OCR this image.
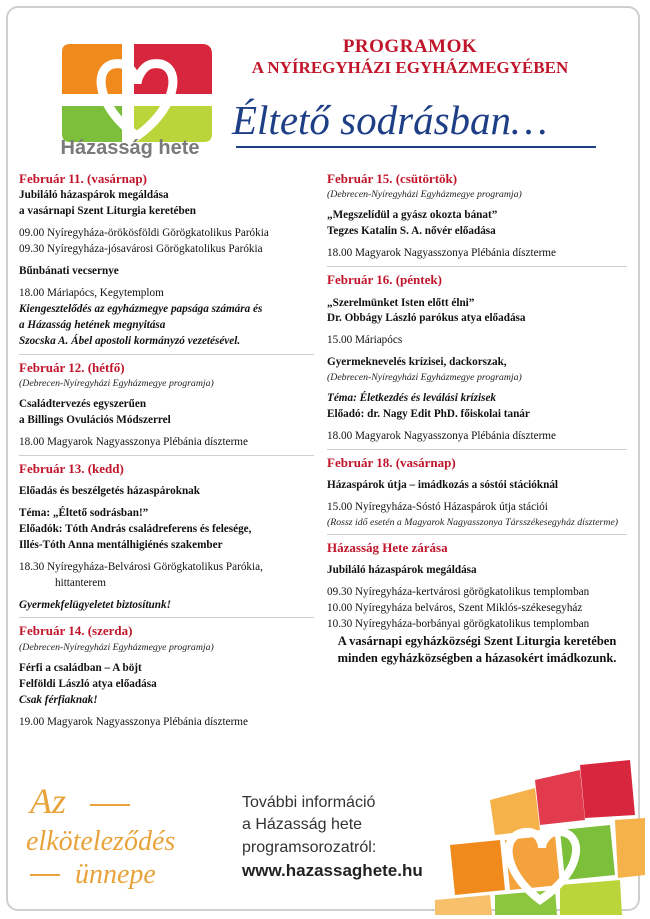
Házasság hete
PROGRAMOK
A NYÍREGYHÁZI EGYHÁZMEGYÉBEN
Éltető sodrásban…

Február 11. (vasárnap)

Jubiláló házaspárok megáldása

a vasárnapi Szent Liturgia keretében

09.00 Nyíregyháza-örökösföldi Görögkatolikus Parókia

09.30 Nyíregyháza-jósavárosi Görögkatolikus Parókia

Bűnbánati vecsernye

18.00 Máriapócs, Kegytemplom

Kiengesztelődés az egyházmegye papsága számára és

a Házasság hetének megnyitása

Szocska A. Ábel apostoli kormányzó vezetésével.

Február 12. (hétfő)

(Debrecen-Nyíregyházi Egyházmegye programja)

Családtervezés egyszerűen

a Billings Ovulációs Módszerrel

18.00 Magyarok Nagyasszonya Plébánia díszterme

Február 13. (kedd)

Előadás és beszélgetés házaspároknak

Téma: „Éltető sodrásban!”

Előadók: Tóth András családreferens és felesége,

Illés-Tóth Anna mentálhigiénés szakember

18.30 Nyíregyháza-Belvárosi Görögkatolikus Parókia,

hittanterem

Gyermekfelügyeletet biztosítunk!

Február 14. (szerda)

(Debrecen-Nyíregyházi Egyházmegye programja)

Férfi a családban – A böjt

Felföldi László atya előadása

Csak férfiaknak!

19.00 Magyarok Nagyasszonya Plébánia díszterme

Február 15. (csütörtök)

(Debrecen-Nyíregyházi Egyházmegye programja)

„Megszelídül a gyász okozta bánat”

Tegzes Katalin S. A. nővér előadása

18.00 Magyarok Nagyasszonya Plébánia díszterme

Február 16. (péntek)

„Szerelmünket Isten előtt élni”

Dr. Obbágy László parókus atya előadása

15.00 Máriapócs

Gyermeknevelés krízisei, dackorszak,

(Debrecen-Nyíregyházi Egyházmegye programja)

Téma: Életkezdés és leválási krízisek

Előadó: dr. Nagy Edit PhD. főiskolai tanár

18.00 Magyarok Nagyasszonya Plébánia díszterme

Február 18. (vasárnap)

Házaspárok útja – imádkozás a sóstói stációknál

15.00 Nyíregyháza-Sóstó Házaspárok útja stációi

(Rossz idő esetén a Magyarok Nagyasszonya Társszékesegyház díszterme)

Házasság Hete zárása

Jubiláló házaspárok megáldása

09.30 Nyíregyháza-kertvárosi görögkatolikus templomban

10.00 Nyíregyháza belváros, Szent Miklós-székesegyház

10.30 Nyíregyháza-borbányai görögkatolikus templomban

A vasárnapi egyházközségi Szent Liturgia keretében minden egyházközségben a házasokért imádkozunk.

Az
elköteleződés
ünnepe
További információ
a Házasság hete
programsorozatról:
www.hazassaghete.hu
